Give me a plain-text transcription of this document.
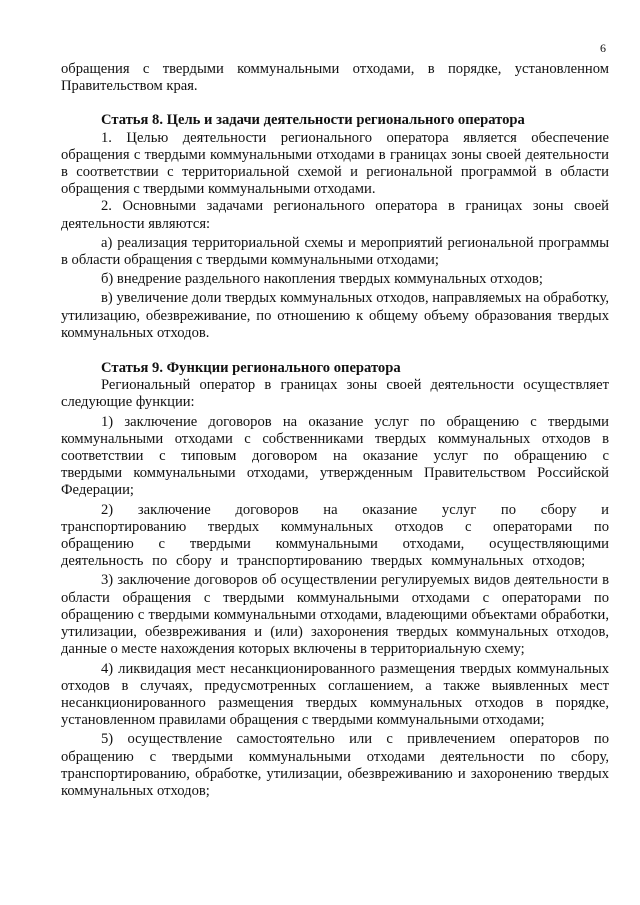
6

обращения с твердыми коммунальными отходами, в порядке, установленном Правительством края.

Статья 8. Цель и задачи деятельности регионального оператора

1. Целью деятельности регионального оператора является обеспечение обращения с твердыми коммунальными отходами в границах зоны своей деятельности в соответствии с территориальной схемой и региональной программой в области обращения с твердыми коммунальными отходами.

2. Основными задачами регионального оператора в границах зоны своей деятельности являются:

а) реализация территориальной схемы и мероприятий региональной программы в области обращения с твердыми коммунальными отходами;

б) внедрение раздельного накопления твердых коммунальных отходов;

в) увеличение доли твердых коммунальных отходов, направляемых на обработку, утилизацию, обезвреживание, по отношению к общему объему образования твердых коммунальных отходов.

Статья 9. Функции регионального оператора

Региональный оператор в границах зоны своей деятельности осуществляет следующие функции:

1) заключение договоров на оказание услуг по обращению с твердыми коммунальными отходами с собственниками твердых коммунальных отходов в соответствии с типовым договором на оказание услуг по обращению с твердыми коммунальными отходами, утвержденным Правительством Российской Федерации;

2) заключение договоров на оказание услуг по сбору и транспортированию твердых коммунальных отходов с операторами по обращению с твердыми коммунальными отходами, осуществляющими деятельность по сбору и транспортированию твердых коммунальных отходов;

3) заключение договоров об осуществлении регулируемых видов деятельности в области обращения с твердыми коммунальными отходами с операторами по обращению с твердыми коммунальными отходами, владеющими объектами обработки, утилизации, обезвреживания и (или) захоронения твердых коммунальных отходов, данные о месте нахождения которых включены в территориальную схему;

4) ликвидация мест несанкционированного размещения твердых коммунальных отходов в случаях, предусмотренных соглашением, а также выявленных мест несанкционированного размещения твердых коммунальных отходов в порядке, установленном правилами обращения с твердыми коммунальными отходами;

5) осуществление самостоятельно или с привлечением операторов по обращению с твердыми коммунальными отходами деятельности по сбору, транспортированию, обработке, утилизации, обезвреживанию и захоронению твердых коммунальных отходов;
